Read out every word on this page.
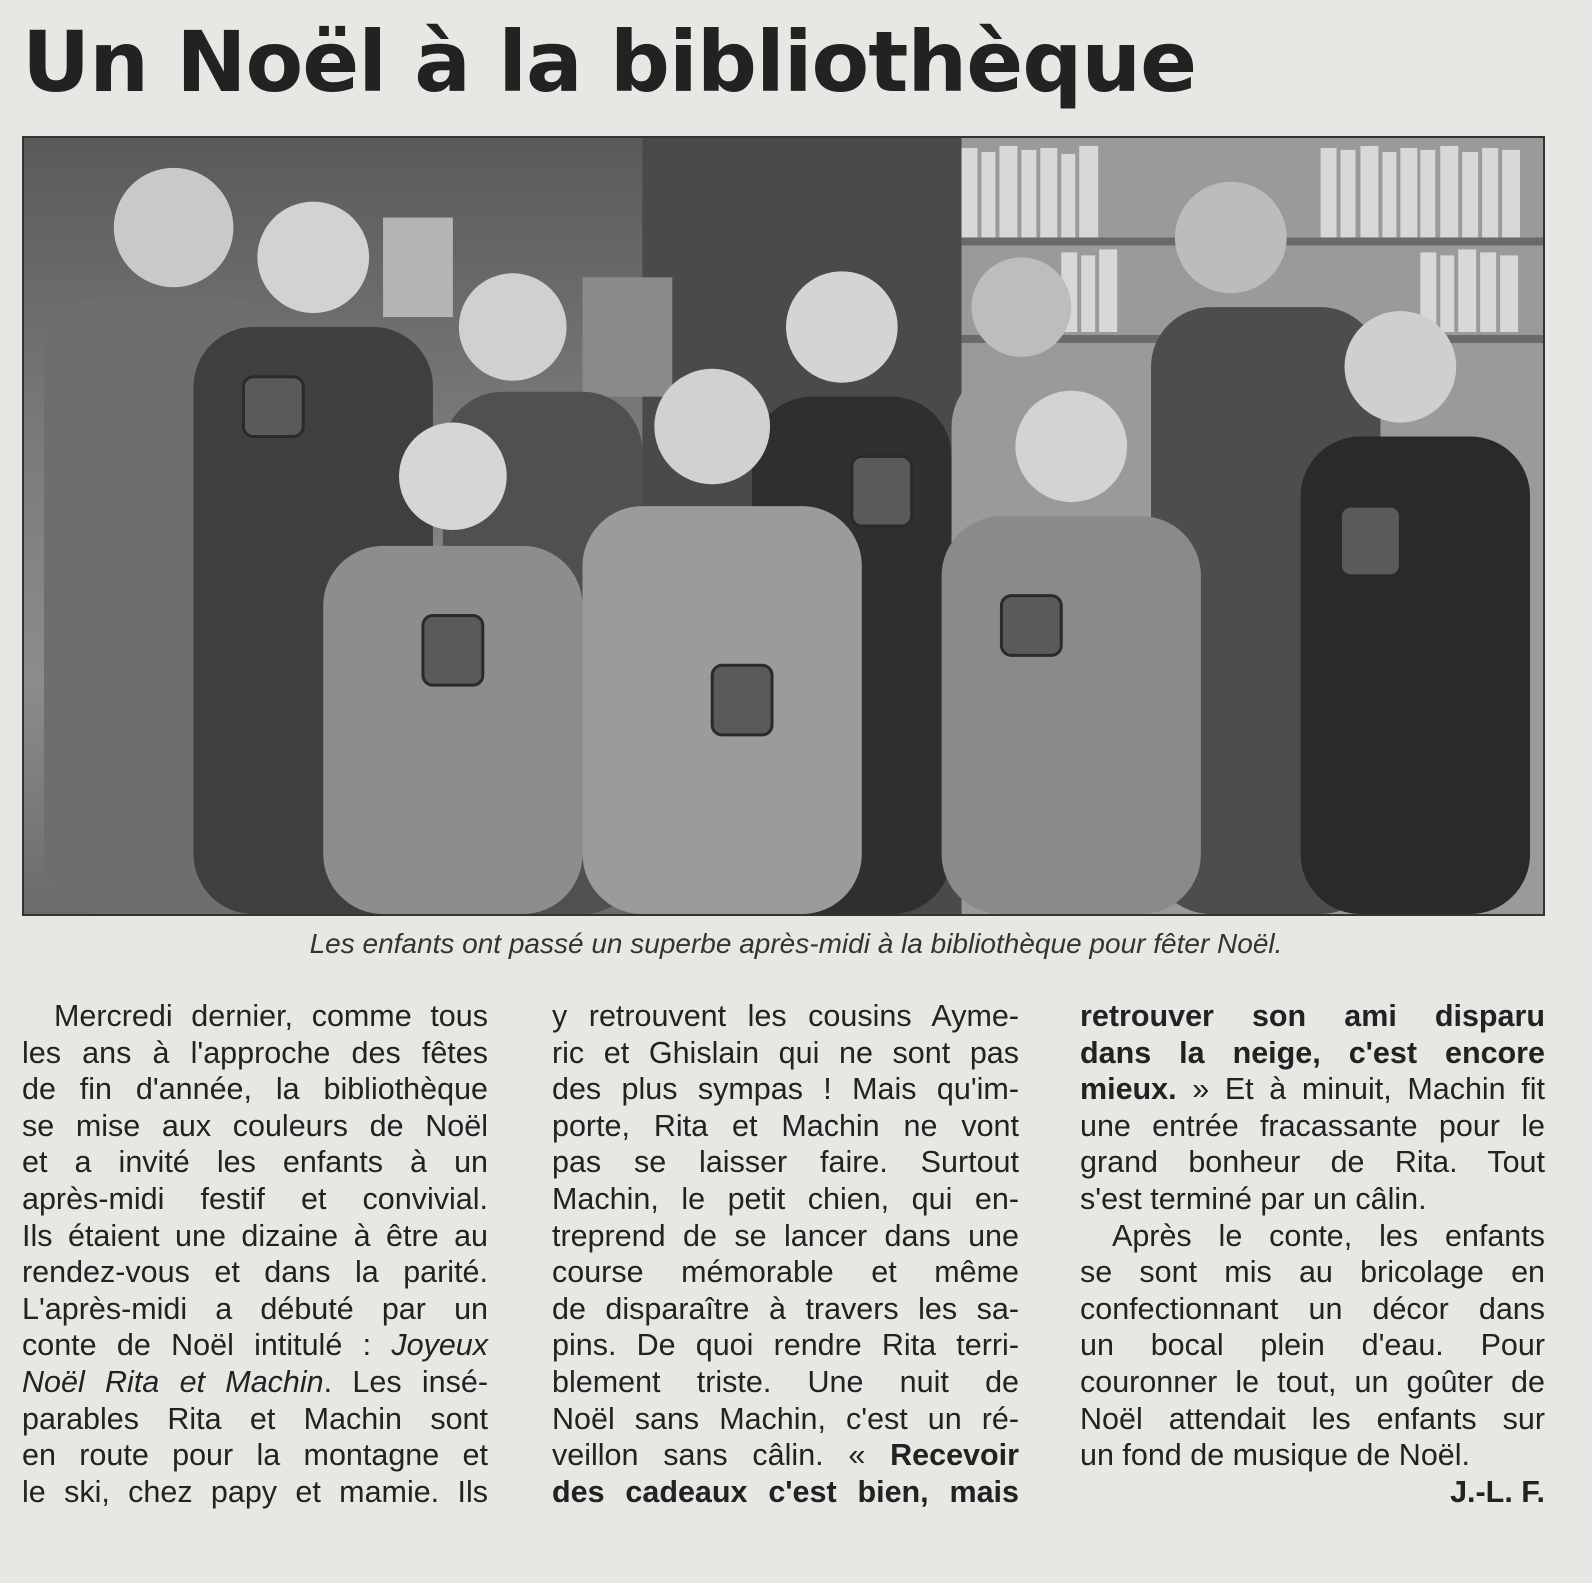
Un Noël à la bibliothèque
Les enfants ont passé un superbe après-midi à la bibliothèque pour fêter Noël.
Mercredi dernier, comme tous
les ans à l'approche des fêtes
de fin d'année, la bibliothèque
se mise aux couleurs de Noël
et a invité les enfants à un
après-midi festif et convivial.
Ils étaient une dizaine à être au
rendez-vous et dans la parité.
L'après-midi a débuté par un
conte de Noël intitulé : Joyeux
Noël Rita et Machin. Les insé-
parables Rita et Machin sont
en route pour la montagne et
le ski, chez papy et mamie. Ils
y retrouvent les cousins Ayme-
ric et Ghislain qui ne sont pas
des plus sympas ! Mais qu'im-
porte, Rita et Machin ne vont
pas se laisser faire. Surtout
Machin, le petit chien, qui en-
treprend de se lancer dans une
course mémorable et même
de disparaître à travers les sa-
pins. De quoi rendre Rita terri-
blement triste. Une nuit de
Noël sans Machin, c'est un ré-
veillon sans câlin. « Recevoir
des cadeaux c'est bien, mais
retrouver son ami disparu
dans la neige, c'est encore
mieux. » Et à minuit, Machin fit
une entrée fracassante pour le
grand bonheur de Rita. Tout
s'est terminé par un câlin.
Après le conte, les enfants
se sont mis au bricolage en
confectionnant un décor dans
un bocal plein d'eau. Pour
couronner le tout, un goûter de
Noël attendait les enfants sur
un fond de musique de Noël.
J.-L. F.
